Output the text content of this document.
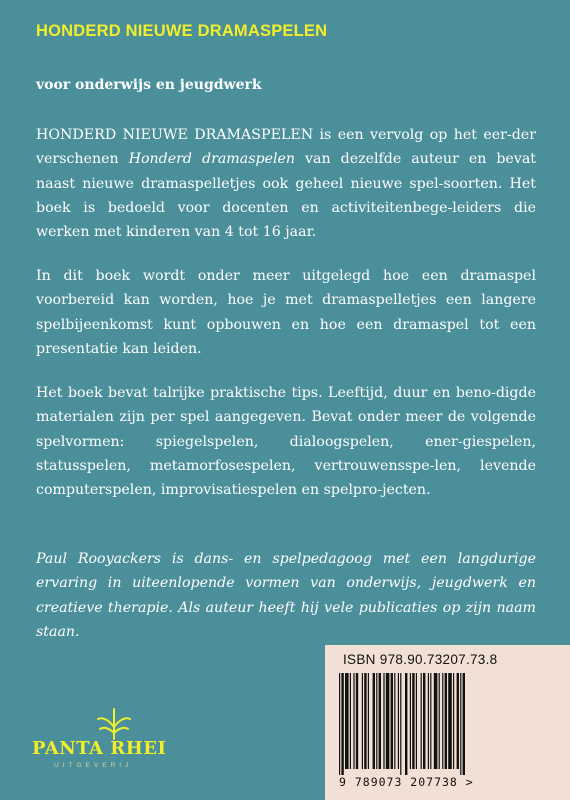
HONDERD NIEUWE DRAMASPELEN
voor onderwijs en jeugdwerk

HONDERD NIEUWE DRAMASPELEN is een vervolg op het eer-der verschenen Honderd dramaspelen van dezelfde auteur en bevat naast nieuwe dramaspelletjes ook geheel nieuwe spel-soorten. Het boek is bedoeld voor docenten en activiteitenbege-leiders die werken met kinderen van 4 tot 16 jaar.

In dit boek wordt onder meer uitgelegd hoe een dramaspel voorbereid kan worden, hoe je met dramaspelletjes een langere spelbijeenkomst kunt opbouwen en hoe een dramaspel tot een presentatie kan leiden.

Het boek bevat talrijke praktische tips. Leeftijd, duur en beno-digde materialen zijn per spel aangegeven. Bevat onder meer de volgende spelvormen: spiegelspelen, dialoogspelen, ener-giespelen, statusspelen, metamorfosespelen, vertrouwensspe-len, levende computerspelen, improvisatiespelen en spelpro-jecten.

Paul Rooyackers is dans- en spelpedagoog met een langdurige ervaring in uiteenlopende vormen van onderwijs, jeugdwerk en creatieve therapie. Als auteur heeft hij vele publicaties op zijn naam staan.

PANTA RHEI
UITGEVERIJ
ISBN 978.90.73207.73.8
9 789073 207738 >
